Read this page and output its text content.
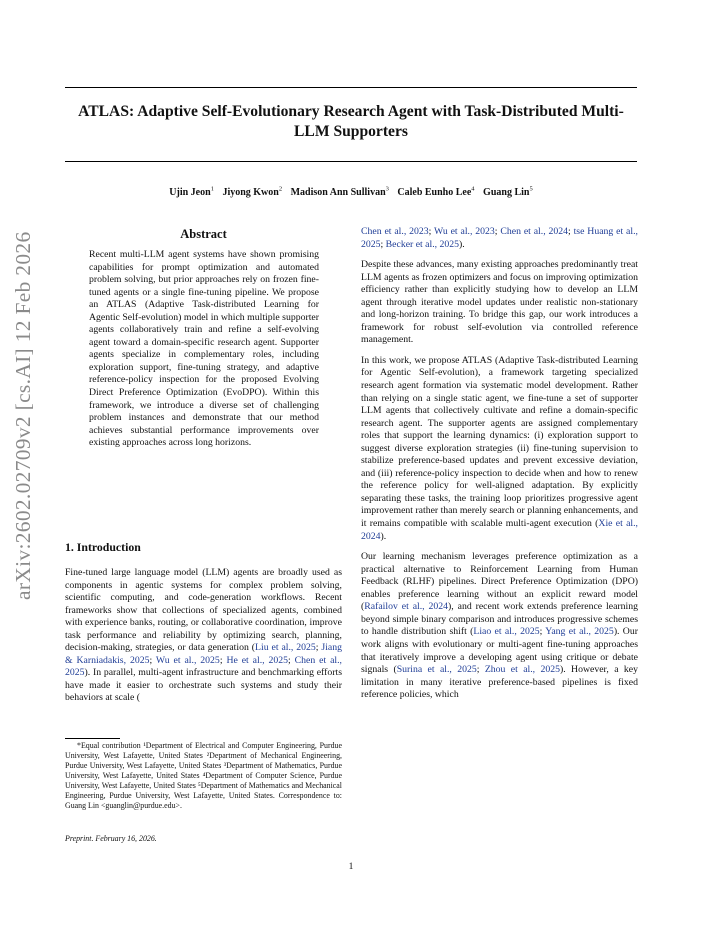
arXiv:2602.02709v2 [cs.AI] 12 Feb 2026
ATLAS: Adaptive Self-Evolutionary Research Agent with Task-Distributed Multi-LLM Supporters
Ujin Jeon$^1$ Jiyong Kwon$^2$ Madison Ann Sullivan$^3$ Caleb Eunho Lee$^4$ Guang Lin$^5$
Abstract

Recent multi-LLM agent systems have shown promising capabilities for prompt optimization and automated problem solving, but prior approaches rely on frozen fine-tuned agents or a single fine-tuning pipeline. We propose an ATLAS (Adaptive Task-distributed Learning for Agentic Self-evolution) model in which multiple supporter agents collaboratively train and refine a self-evolving agent toward a domain-specific research agent. Supporter agents specialize in complementary roles, including exploration support, fine-tuning strategy, and adaptive reference-policy inspection for the proposed Evolving Direct Preference Optimization (EvoDPO). Within this framework, we introduce a diverse set of challenging problem instances and demonstrate that our method achieves substantial performance improvements over existing approaches across long horizons.

1. Introduction

Fine-tuned large language model (LLM) agents are broadly used as components in agentic systems for complex problem solving, scientific computing, and code-generation workflows. Recent frameworks show that collections of specialized agents, combined with experience banks, routing, or collaborative coordination, improve task performance and reliability by optimizing search, planning, decision-making, strategies, or data generation (Liu et al., 2025; Jiang & Karniadakis, 2025; Wu et al., 2025; He et al., 2025; Chen et al., 2025). In parallel, multi-agent infrastructure and benchmarking efforts have made it easier to orchestrate such systems and study their behaviors at scale (

*Equal contribution ¹Department of Electrical and Computer Engineering, Purdue University, West Lafayette, United States ²Department of Mechanical Engineering, Purdue University, West Lafayette, United States ³Department of Mathematics, Purdue University, West Lafayette, United States ⁴Department of Computer Science, Purdue University, West Lafayette, United States ⁵Department of Mathematics and Mechanical Engineering, Purdue University, West Lafayette, United States. Correspondence to: Guang Lin <guanglin@purdue.edu>.

Preprint. February 16, 2026.

Chen et al., 2023; Wu et al., 2023; Chen et al., 2024; tse Huang et al., 2025; Becker et al., 2025).

Despite these advances, many existing approaches predominantly treat LLM agents as frozen optimizers and focus on improving optimization efficiency rather than explicitly studying how to develop an LLM agent through iterative model updates under realistic non-stationary and long-horizon training. To bridge this gap, our work introduces a framework for robust self-evolution via controlled reference management.

In this work, we propose ATLAS (Adaptive Task-distributed Learning for Agentic Self-evolution), a framework targeting specialized research agent formation via systematic model development. Rather than relying on a single static agent, we fine-tune a set of supporter LLM agents that collectively cultivate and refine a domain-specific research agent. The supporter agents are assigned complementary roles that support the learning dynamics: (i) exploration support to suggest diverse exploration strategies (ii) fine-tuning supervision to stabilize preference-based updates and prevent excessive deviation, and (iii) reference-policy inspection to decide when and how to renew the reference policy for well-aligned adaptation. By explicitly separating these tasks, the training loop prioritizes progressive agent improvement rather than merely search or planning enhancements, and it remains compatible with scalable multi-agent execution (Xie et al., 2024).

Our learning mechanism leverages preference optimization as a practical alternative to Reinforcement Learning from Human Feedback (RLHF) pipelines. Direct Preference Optimization (DPO) enables preference learning without an explicit reward model (Rafailov et al., 2024), and recent work extends preference learning beyond simple binary comparison and introduces progressive schemes to handle distribution shift (Liao et al., 2025; Yang et al., 2025). Our work aligns with evolutionary or multi-agent fine-tuning approaches that iteratively improve a developing agent using critique or debate signals (Surina et al., 2025; Zhou et al., 2025). However, a key limitation in many iterative preference-based pipelines is fixed reference policies, which

1
